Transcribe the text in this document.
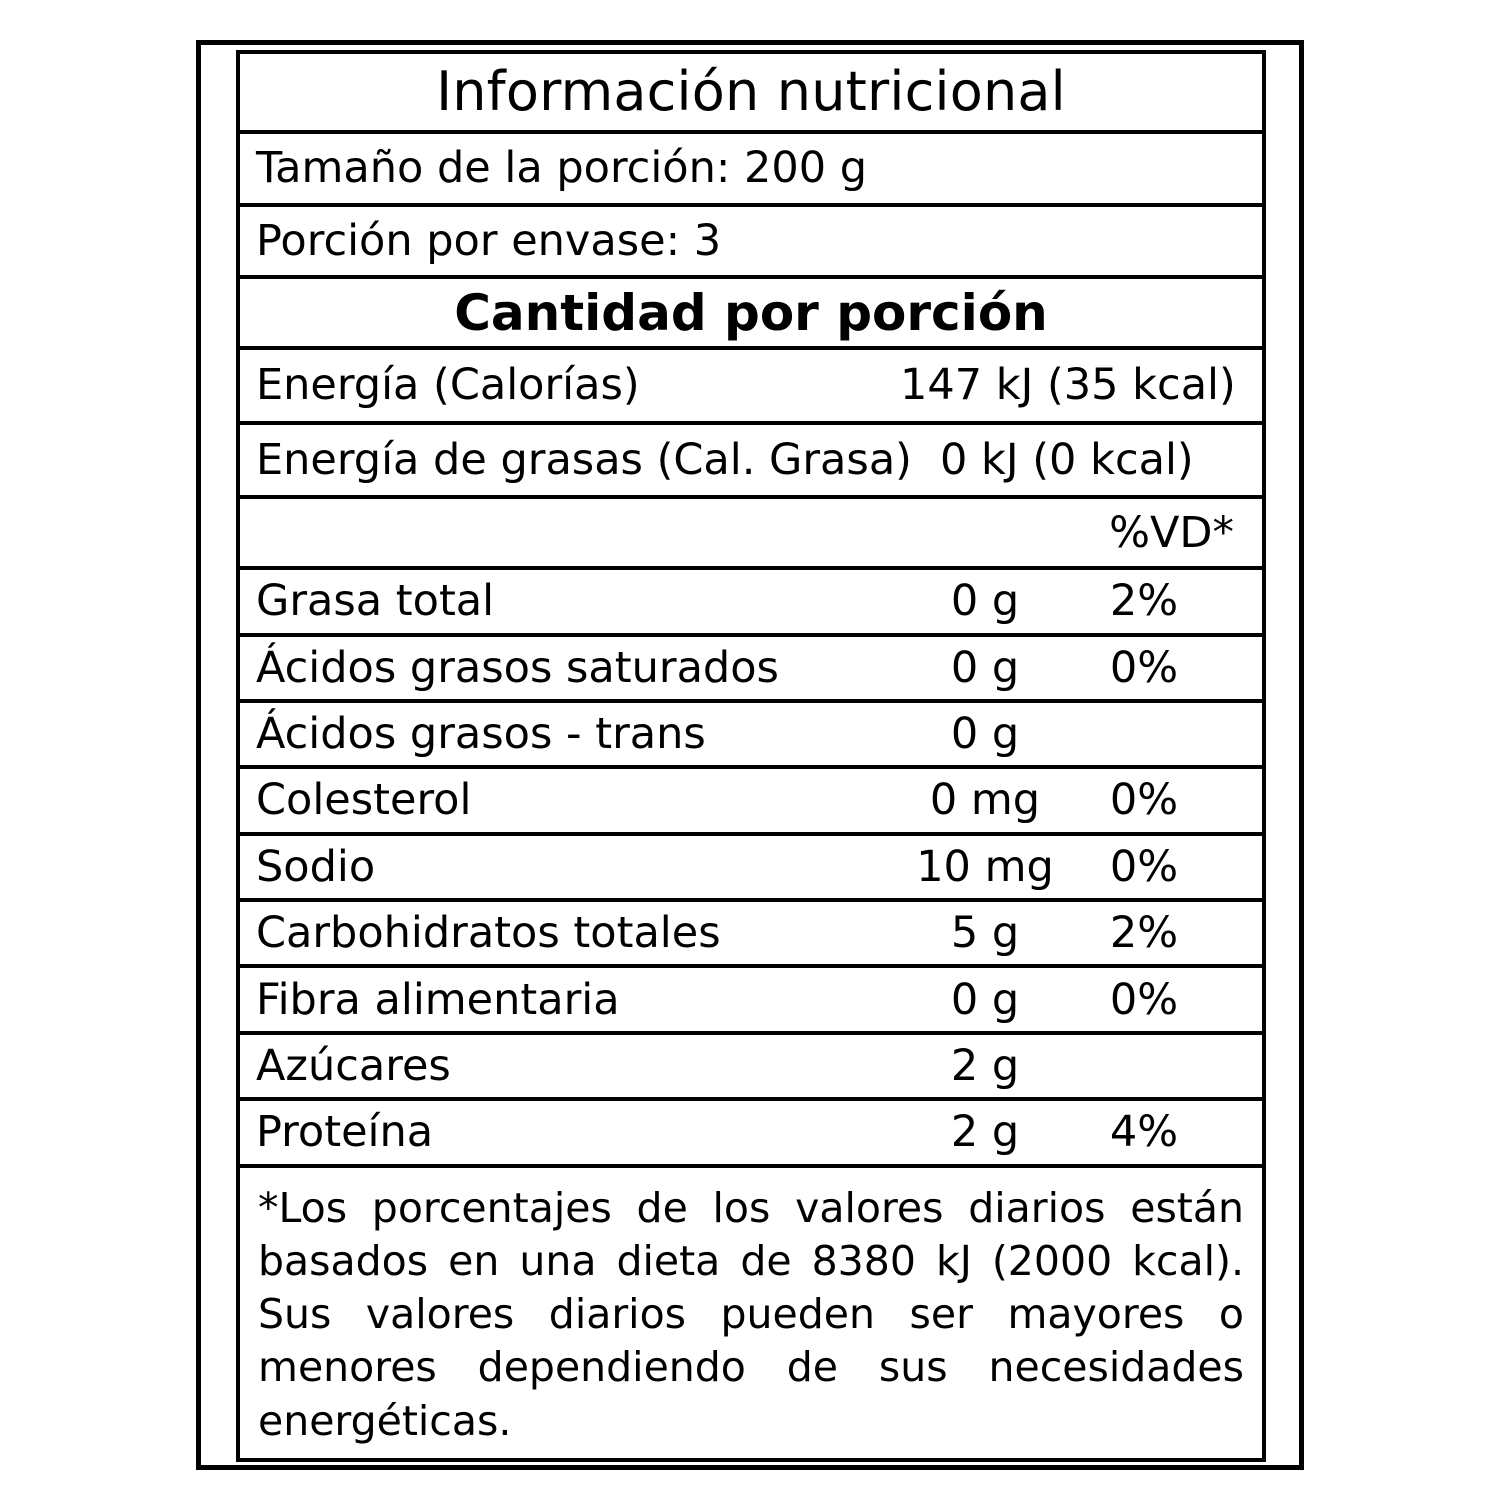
Información nutricional
Tamaño de la porción: 200 g
Porción por envase: 3
Cantidad por porción
Energía (Calorías)	147 kJ (35 kcal)
Energía de grasas (Cal. Grasa) 0 kJ (0 kcal)
%VD*
Grasa total	0 g	2%
Ácidos grasos saturados	0 g	0%
Ácidos grasos - trans	0 g
Colesterol	0 mg	0%
Sodio	10 mg	0%
Carbohidratos totales	5 g	2%
Fibra alimentaria	0 g	0%
Azúcares	2 g
Proteína	2 g	4%
*Los porcentajes de los valores diarios están basados en una dieta de 8380 kJ (2000 kcal). Sus valores diarios pueden ser mayores o menores dependiendo de sus necesidades energéticas.
